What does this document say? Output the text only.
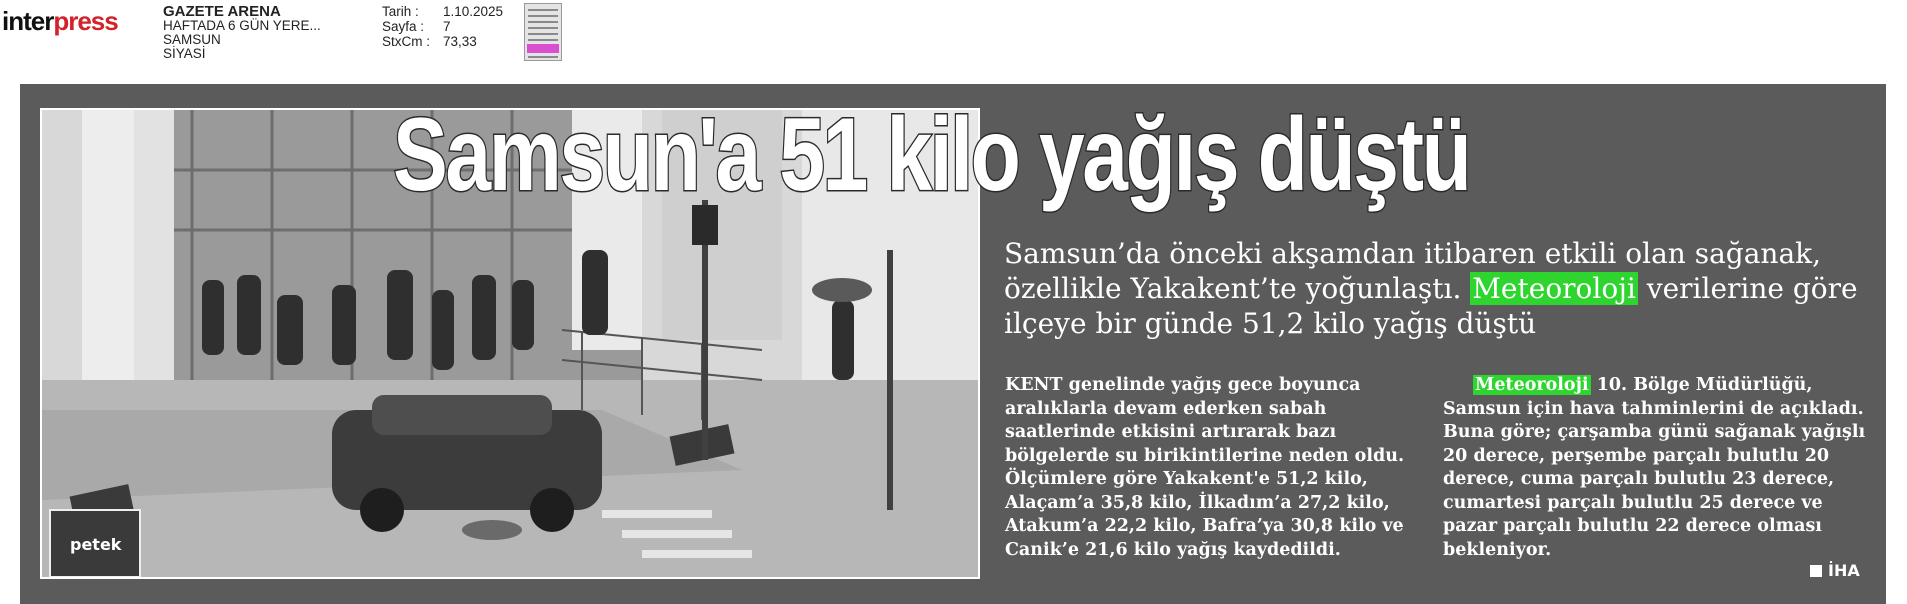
interpress	GAZETE ARENA
HAFTADA 6 GÜN YERE...
SAMSUN
SİYASİ
Tarih :	1.10.2025
Sayfa :	7
StxCm : 73,33
petek
Samsun'a 51 kilo yağış düştü
Samsun’da önceki akşamdan itibaren etkili olan sağanak, özellikle Yakakent’te yoğunlaştı. Meteoroloji verilerine göre ilçeye bir günde 51,2 kilo yağış düştü

KENT genelinde yağış gece boyunca aralıklarla devam ederken sabah saatlerinde etkisini artırarak bazı bölgelerde su birikintilerine neden oldu. Ölçümlere göre Yakakent'e 51,2 kilo, Alaçam’a 35,8 kilo, İlkadım’a 27,2 kilo, Atakum’a 22,2 kilo, Bafra’ya 30,8 kilo ve Canik’e 21,6 kilo yağış kaydedildi.

Meteoroloji 10. Bölge Müdürlüğü, Samsun için hava tahminlerini de açıkladı. Buna göre; çarşamba günü sağanak yağışlı 20 derece, perşembe parçalı bulutlu 20 derece, cuma parçalı bulutlu 23 derece, cumartesi parçalı bulutlu 25 derece ve pazar parçalı bulutlu 22 derece olması bekleniyor.

İHA
